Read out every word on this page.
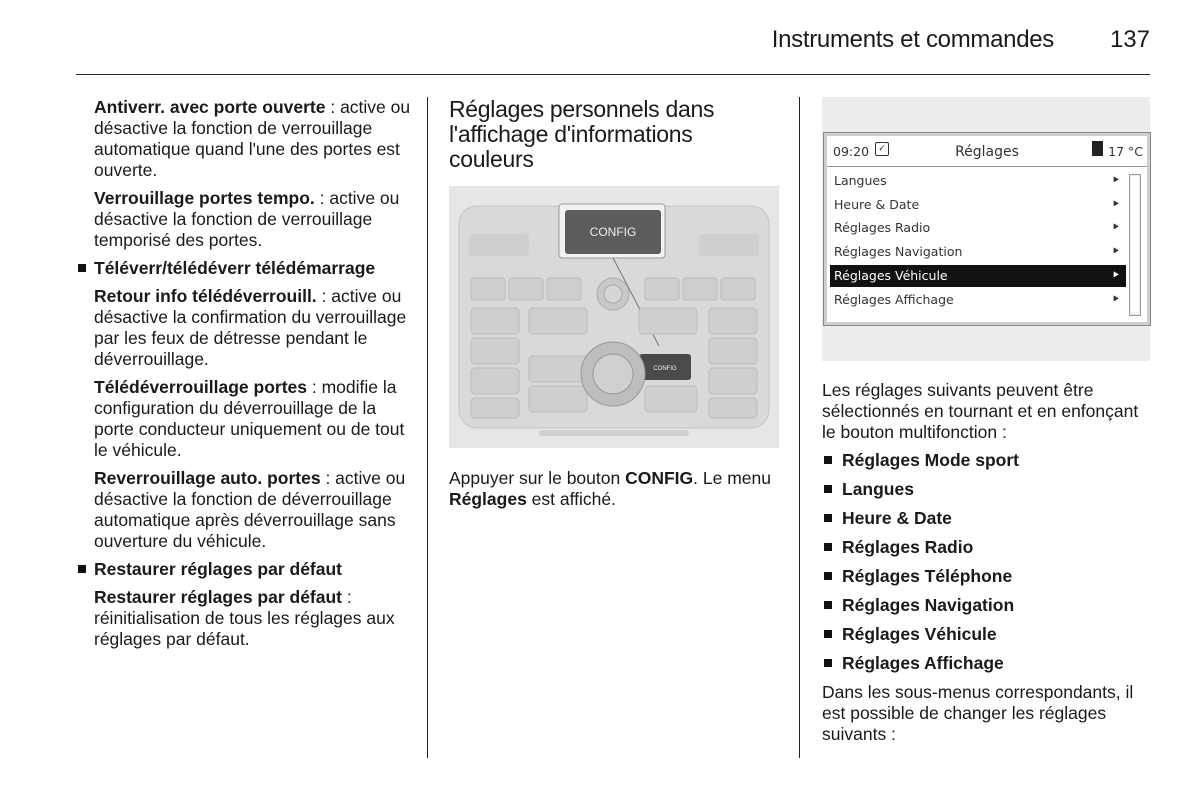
Instruments et commandes 137

Antiverr. avec porte ouverte : active ou désactive la fonction de verrouillage automatique quand l'une des portes est ouverte.

Verrouillage portes tempo. : active ou désactive la fonction de verrouillage temporisé des portes.

Téléverr/télédéverr télédémarrage

Retour info télédéverrouill. : active ou désactive la confirmation du verrouillage par les feux de détresse pendant le déverrouillage.

Télédéverrouillage portes : modifie la configuration du déverrouillage de la porte conducteur uniquement ou de tout le véhicule.

Reverrouillage auto. portes : active ou désactive la fonction de déverrouillage automatique après déverrouillage sans ouverture du véhicule.

Restaurer réglages par défaut

Restaurer réglages par défaut : réinitialisation de tous les réglages aux réglages par défaut.

Réglages personnels dans l'affichage d'informations couleurs
CONFIG
CONFIG
Appuyer sur le bouton CONFIG. Le menu Réglages est affiché.
09:20	✓	Réglages	17 °C
Langues	⯈
Heure & Date	⯈
Réglages Radio	⯈
Réglages Navigation	⯈
Réglages Véhicule	⯈
Réglages Affichage	⯈

Les réglages suivants peuvent être sélectionnés en tournant et en enfonçant le bouton multifonction :

Réglages Mode sport
Langues
Heure & Date
Réglages Radio
Réglages Téléphone
Réglages Navigation
Réglages Véhicule
Réglages Affichage

Dans les sous-menus correspondants, il est possible de changer les réglages suivants :
